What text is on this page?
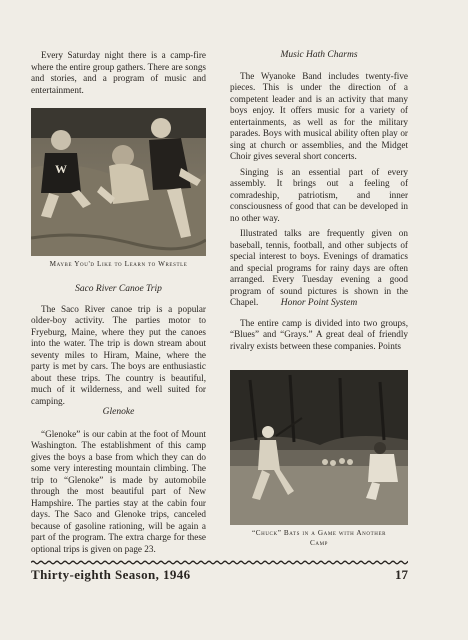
Every Saturday night there is a camp-fire where the entire group gathers. There are songs and stories, and a program of music and entertainment.

W
Maybe You'd Like to Learn to Wrestle
Saco River Canoe Trip

The Saco River canoe trip is a popular older-boy activity. The parties motor to Fryeburg, Maine, where they put the canoes into the water. The trip is down stream about seventy miles to Hiram, Maine, where the party is met by cars. The boys are enthusiastic about these trips. The country is beautiful, much of it wilderness, and well suited for camping.

Glenoke

“Glenoke” is our cabin at the foot of Mount Washington. The establishment of this camp gives the boys a base from which they can do some very interesting mountain climbing. The trip to “Glenoke” is made by automobile through the most beautiful part of New Hampshire. The parties stay at the cabin four days. The Saco and Glenoke trips, canceled because of gasoline rationing, will be again a part of the program. The extra charge for these optional trips is given on page 23.

Music Hath Charms

The Wyanoke Band includes twenty-five pieces. This is under the direction of a competent leader and is an activity that many boys enjoy. It offers music for a variety of entertainments, as well as for the military parades. Boys with musical ability often play or sing at church or assemblies, and the Midget Choir gives several short concerts.

Singing is an essential part of every assembly. It brings out a feeling of comradeship, patriotism, and inner consciousness of good that can be developed in no other way.

Illustrated talks are frequently given on baseball, tennis, football, and other subjects of special interest to boys. Evenings of dramatics and special programs for rainy days are often arranged. Every Tuesday evening a good program of sound pictures is shown in the Chapel.	Honor Point System

The entire camp is divided into two groups, “Blues” and “Grays.” A great deal of friendly rivalry exists between these companies. Points

“Chuck” Bats in a Game with Another
Camp
Thirty-eighth Season, 1946	17
